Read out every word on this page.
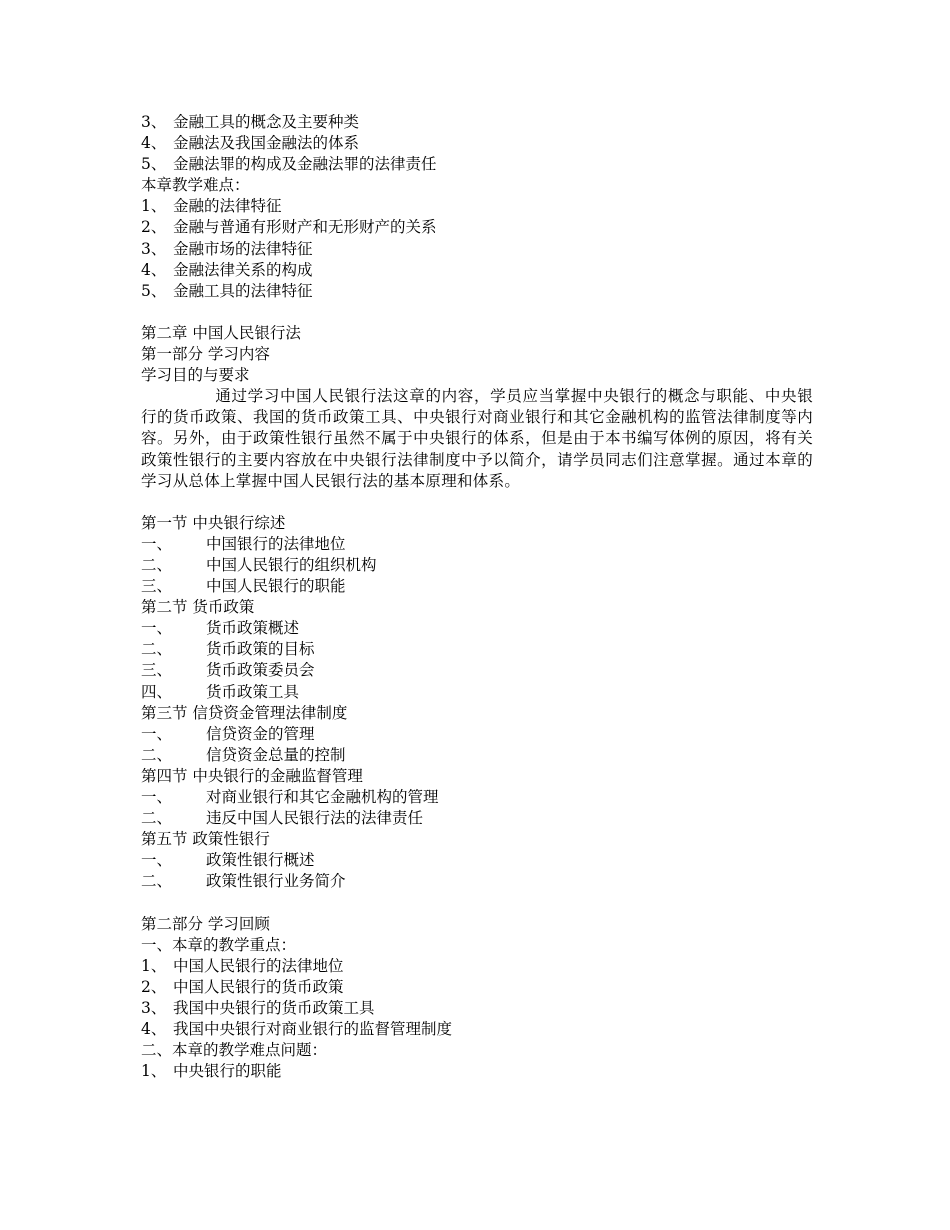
3、 金融工具的概念及主要种类
4、 金融法及我国金融法的体系
5、 金融法罪的构成及金融法罪的法律责任
本章教学难点：
1、 金融的法律特征
2、 金融与普通有形财产和无形财产的关系
3、 金融市场的法律特征
4、 金融法律关系的构成
5、 金融工具的法律特征
第二章 中国人民银行法
第一部分 学习内容
学习目的与要求
通过学习中国人民银行法这章的内容，学员应当掌握中央银行的概念与职能、中央银行的货币政策、我国的货币政策工具、中央银行对商业银行和其它金融机构的监管法律制度等内容。另外，由于政策性银行虽然不属于中央银行的体系，但是由于本书编写体例的原因，将有关政策性银行的主要内容放在中央银行法律制度中予以简介，请学员同志们注意掌握。通过本章的学习从总体上掌握中国人民银行法的基本原理和体系。
第一节 中央银行综述
一、 中国银行的法律地位
二、 中国人民银行的组织机构
三、 中国人民银行的职能
第二节 货币政策
一、 货币政策概述
二、 货币政策的目标
三、 货币政策委员会
四、 货币政策工具
第三节 信贷资金管理法律制度
一、 信贷资金的管理
二、 信贷资金总量的控制
第四节 中央银行的金融监督管理
一、 对商业银行和其它金融机构的管理
二、 违反中国人民银行法的法律责任
第五节 政策性银行
一、 政策性银行概述
二、 政策性银行业务简介
第二部分 学习回顾
一、本章的教学重点：
1、 中国人民银行的法律地位
2、 中国人民银行的货币政策
3、 我国中央银行的货币政策工具
4、 我国中央银行对商业银行的监督管理制度
二、本章的教学难点问题：
1、 中央银行的职能
